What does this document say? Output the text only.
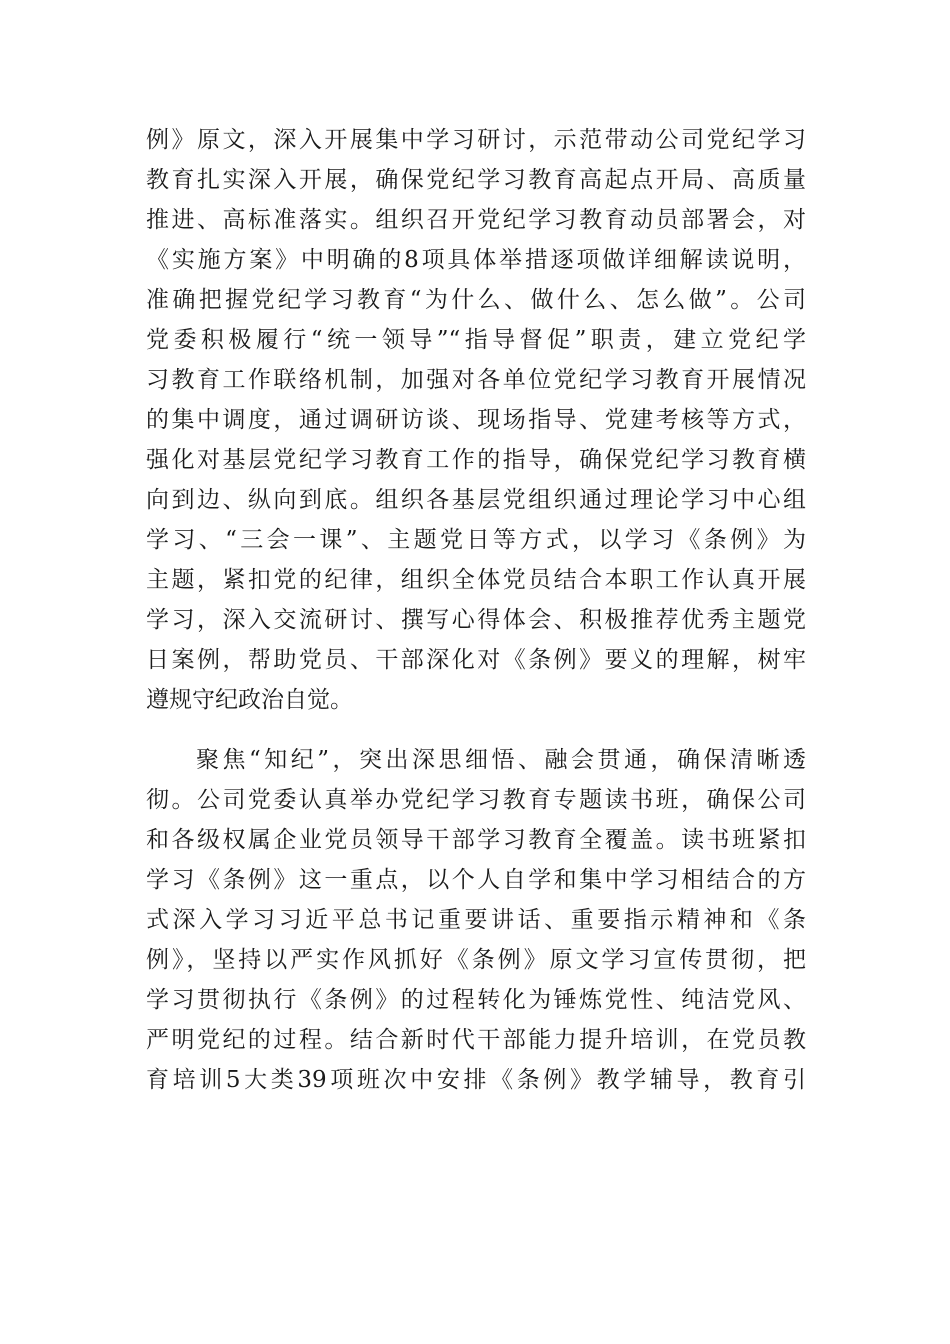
例》原文，深入开展集中学习研讨，示范带动公司党纪学习
教育扎实深入开展，确保党纪学习教育高起点开局、高质量
推进、高标准落实。组织召开党纪学习教育动员部署会，对
《实施方案》中明确的8项具体举措逐项做详细解读说明，
准确把握党纪学习教育“为什么、做什么、怎么做”。公司
党委积极履行“统一领导”“指导督促”职责，建立党纪学
习教育工作联络机制，加强对各单位党纪学习教育开展情况
的集中调度，通过调研访谈、现场指导、党建考核等方式，
强化对基层党纪学习教育工作的指导，确保党纪学习教育横
向到边、纵向到底。组织各基层党组织通过理论学习中心组
学习、“三会一课”、主题党日等方式，以学习《条例》为
主题，紧扣党的纪律，组织全体党员结合本职工作认真开展
学习，深入交流研讨、撰写心得体会、积极推荐优秀主题党
日案例，帮助党员、干部深化对《条例》要义的理解，树牢
遵规守纪政治自觉。
聚焦“知纪”，突出深思细悟、融会贯通，确保清晰透
彻。公司党委认真举办党纪学习教育专题读书班，确保公司
和各级权属企业党员领导干部学习教育全覆盖。读书班紧扣
学习《条例》这一重点，以个人自学和集中学习相结合的方
式深入学习习近平总书记重要讲话、重要指示精神和《条
例》，坚持以严实作风抓好《条例》原文学习宣传贯彻，把
学习贯彻执行《条例》的过程转化为锤炼党性、纯洁党风、
严明党纪的过程。结合新时代干部能力提升培训，在党员教
育培训5大类39项班次中安排《条例》教学辅导，教育引
